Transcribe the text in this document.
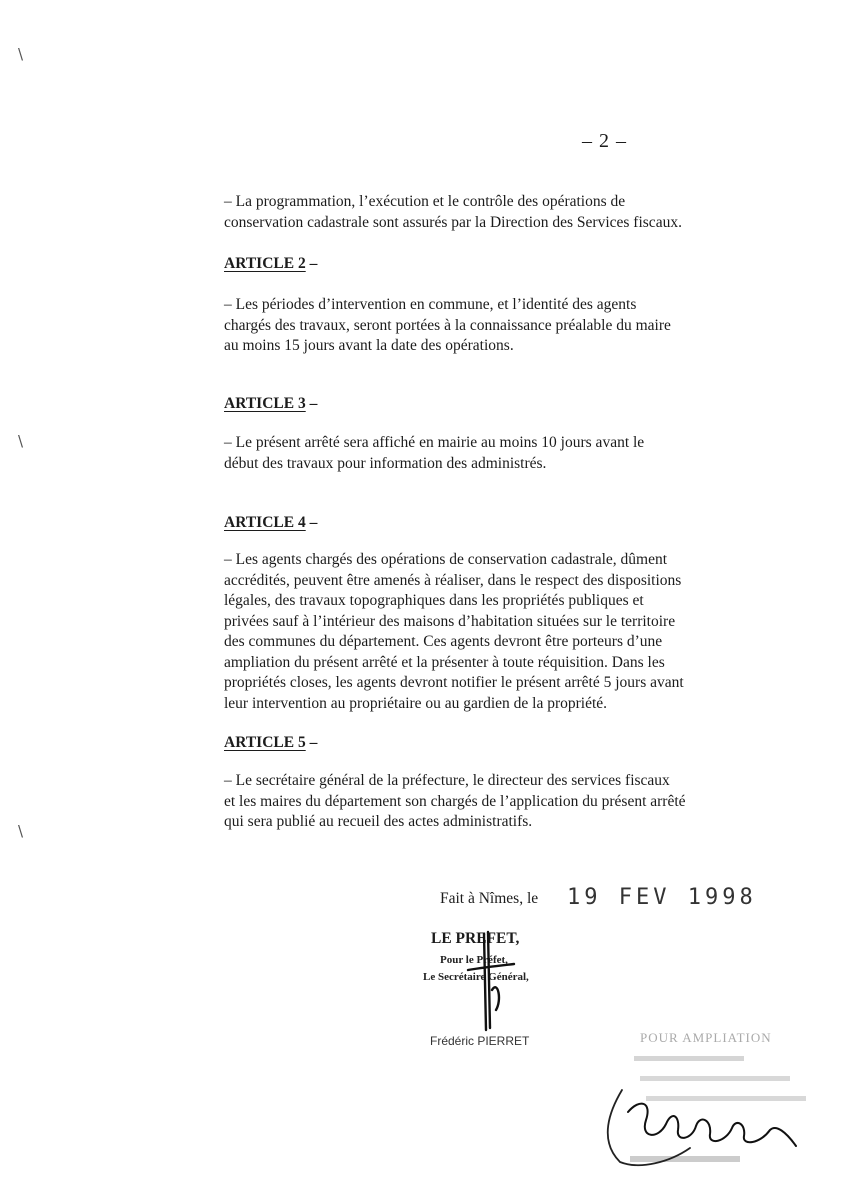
\
\
\
– 2 –
– La programmation, l’exécution et le contrôle des opérations de
conservation cadastrale sont assurés par la Direction des Services fiscaux.
ARTICLE 2 –
– Les périodes d’intervention en commune, et l’identité des agents
chargés des travaux, seront portées à la connaissance préalable du maire
au moins 15 jours avant la date des opérations.
ARTICLE 3 –
– Le présent arrêté sera affiché en mairie au moins 10 jours avant le
début des travaux pour information des administrés.
ARTICLE 4 –
– Les agents chargés des opérations de conservation cadastrale, dûment
accrédités, peuvent être amenés à réaliser, dans le respect des dispositions
légales, des travaux topographiques dans les propriétés publiques et
privées sauf à l’intérieur des maisons d’habitation situées sur le territoire
des communes du département. Ces agents devront être porteurs d’une
ampliation du présent arrêté et la présenter à toute réquisition. Dans les
propriétés closes, les agents devront notifier le présent arrêté 5 jours avant
leur intervention au propriétaire ou au gardien de la propriété.
ARTICLE 5 –
– Le secrétaire général de la préfecture, le directeur des services fiscaux
et les maires du département son chargés de l’application du présent arrêté
qui sera publié au recueil des actes administratifs.
Fait à Nîmes, le 19 FEV 1998
LE PREFET,
Pour le Préfet,
Le Secrétaire Général,
Frédéric PIERRET	POUR AMPLIATION
